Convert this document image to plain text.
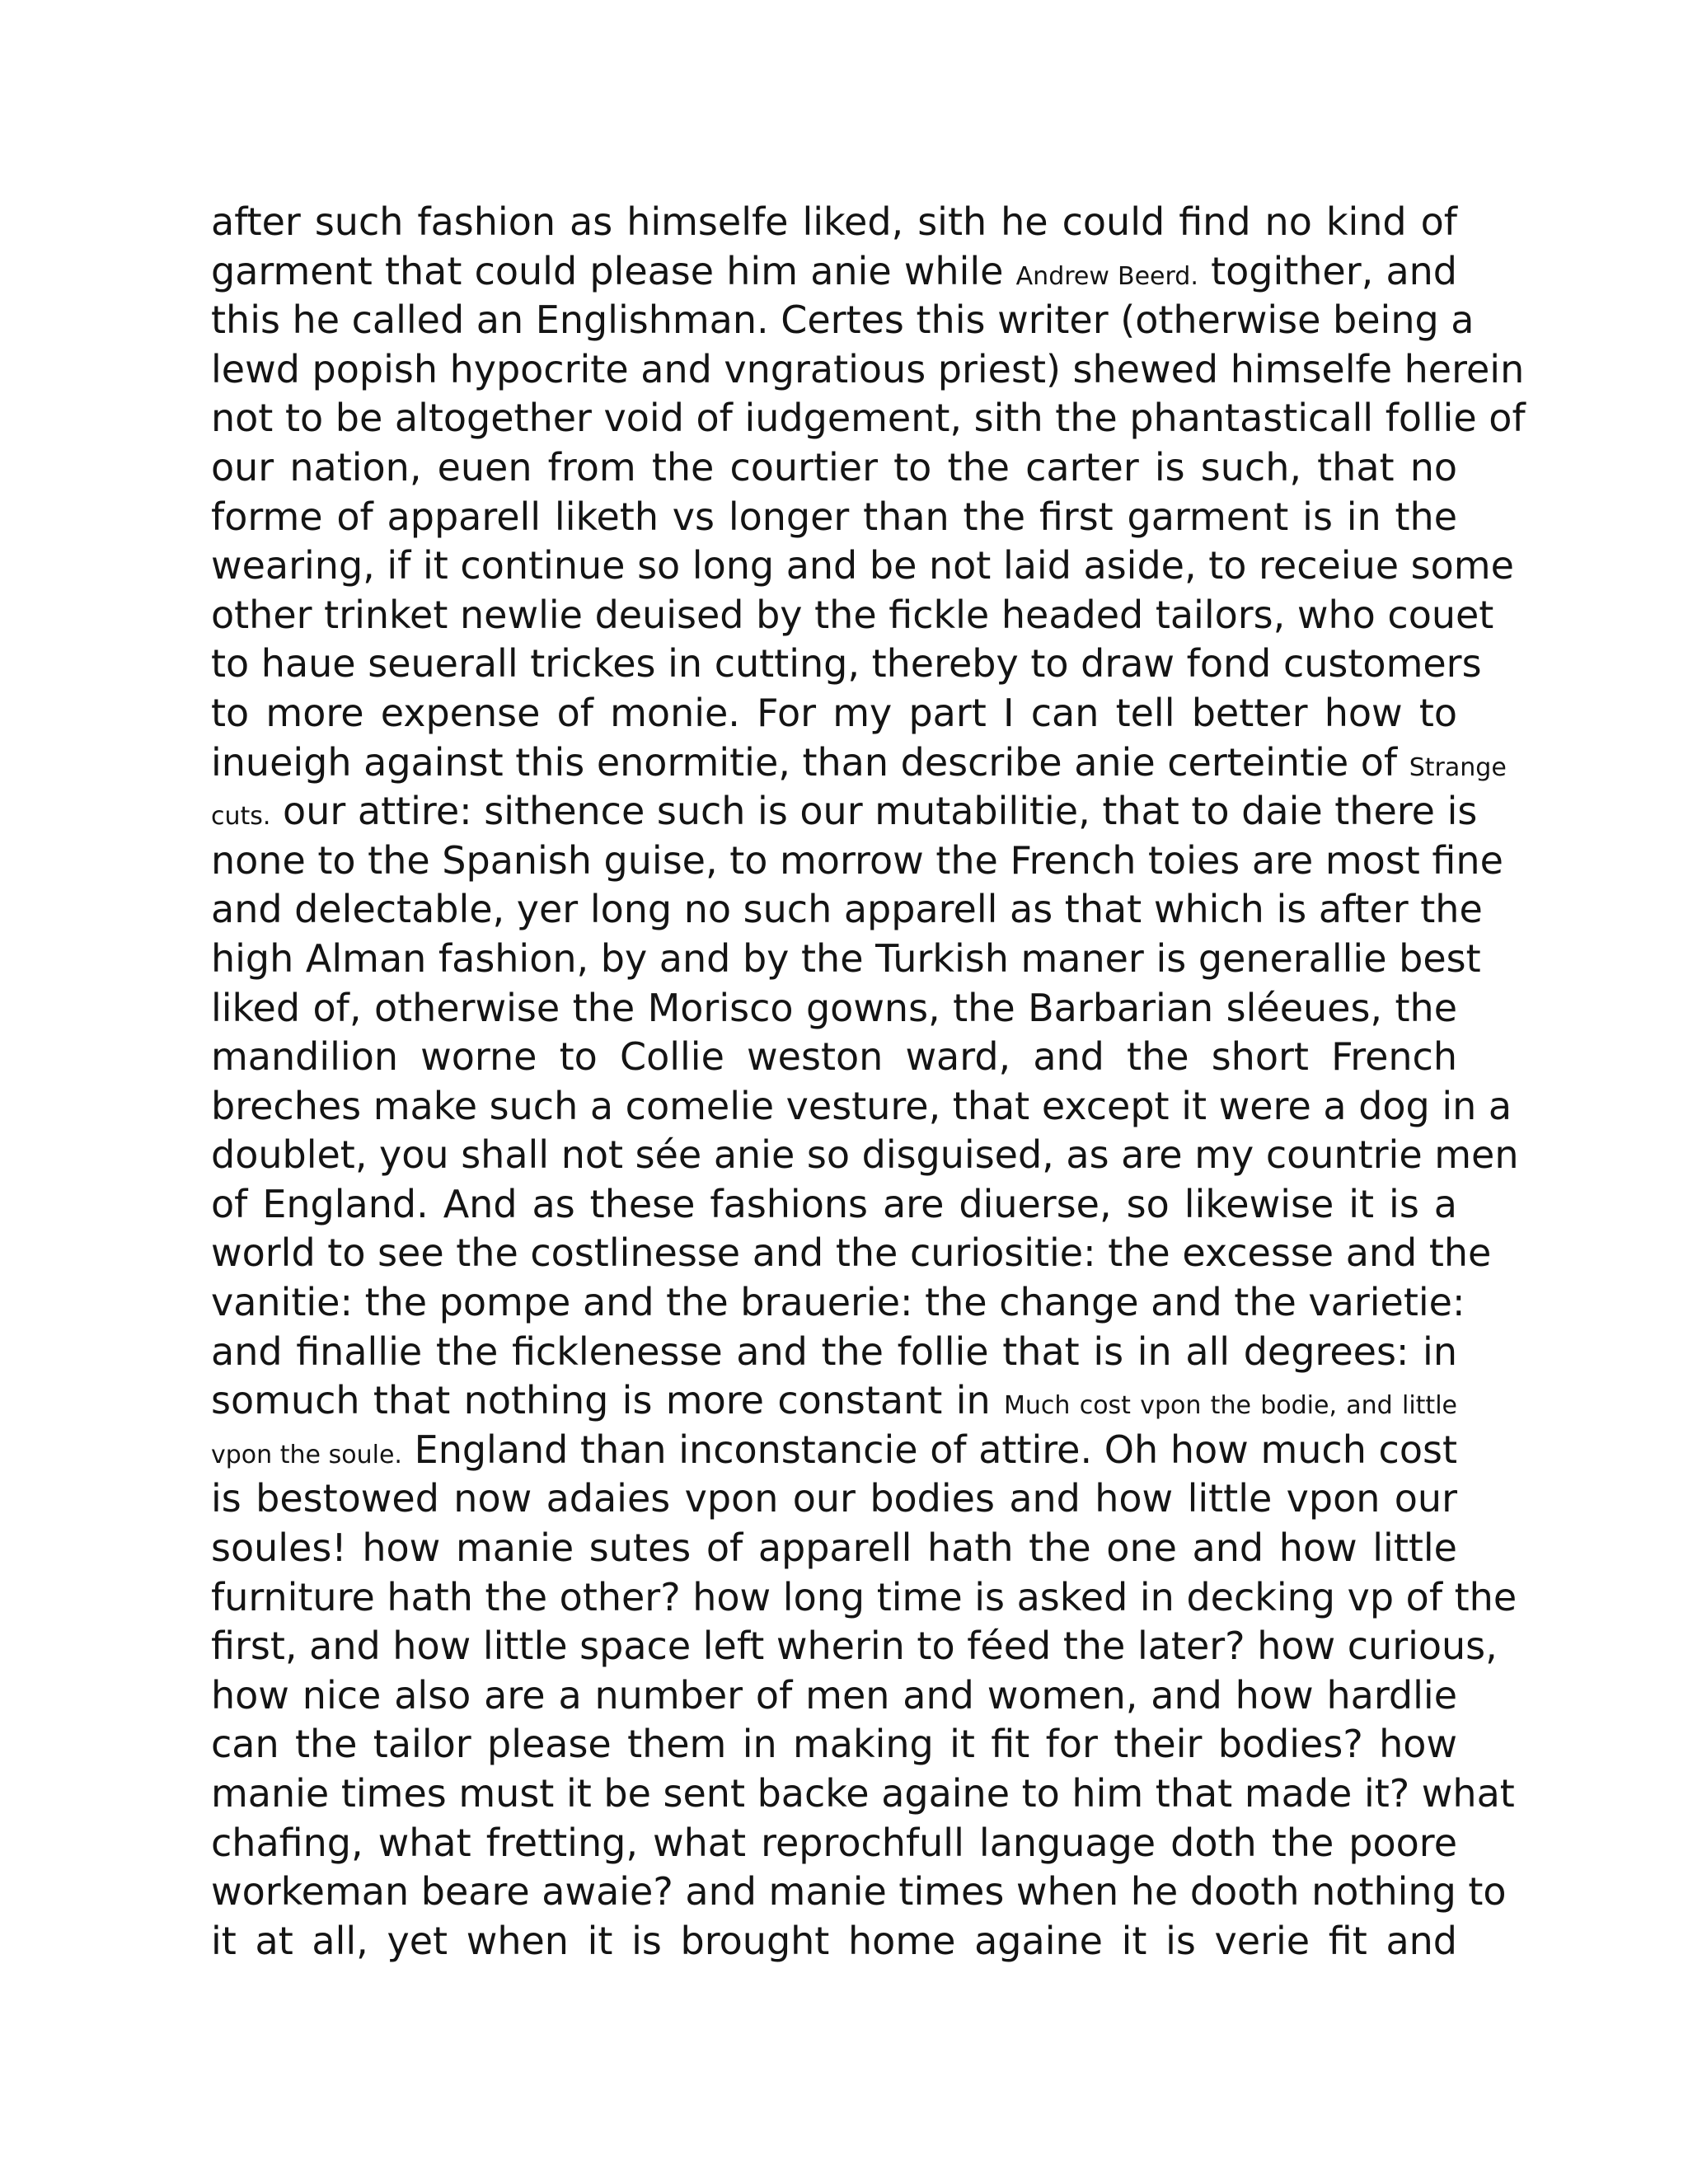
after such fashion as himselfe liked, sith he could find no kind of
garment that could please him anie while Andrew Beerd. togither, and
this he called an Englishman. Certes this writer (otherwise being a
lewd popish hypocrite and vngratious priest) shewed himselfe herein
not to be altogether void of iudgement, sith the phantasticall follie of
our nation, euen from the courtier to the carter is such, that no
forme of apparell liketh vs longer than the first garment is in the
wearing, if it continue so long and be not laid aside, to receiue some
other trinket newlie deuised by the fickle headed tailors, who couet
to haue seuerall trickes in cutting, thereby to draw fond customers
to more expense of monie. For my part I can tell better how to
inueigh against this enormitie, than describe anie certeintie of Strange
cuts. our attire: sithence such is our mutabilitie, that to daie there is
none to the Spanish guise, to morrow the French toies are most fine
and delectable, yer long no such apparell as that which is after the
high Alman fashion, by and by the Turkish maner is generallie best
liked of, otherwise the Morisco gowns, the Barbarian sléeues, the
mandilion worne to Collie weston ward, and the short French
breches make such a comelie vesture, that except it were a dog in a
doublet, you shall not sée anie so disguised, as are my countrie men
of England. And as these fashions are diuerse, so likewise it is a
world to see the costlinesse and the curiositie: the excesse and the
vanitie: the pompe and the brauerie: the change and the varietie:
and finallie the ficklenesse and the follie that is in all degrees: in
somuch that nothing is more constant in Much cost vpon the bodie, and little
vpon the soule. England than inconstancie of attire. Oh how much cost
is bestowed now adaies vpon our bodies and how little vpon our
soules! how manie sutes of apparell hath the one and how little
furniture hath the other? how long time is asked in decking vp of the
first, and how little space left wherin to féed the later? how curious,
how nice also are a number of men and women, and how hardlie
can the tailor please them in making it fit for their bodies? how
manie times must it be sent backe againe to him that made it? what
chafing, what fretting, what reprochfull language doth the poore
workeman beare awaie? and manie times when he dooth nothing to
it at all, yet when it is brought home againe it is verie fit and
